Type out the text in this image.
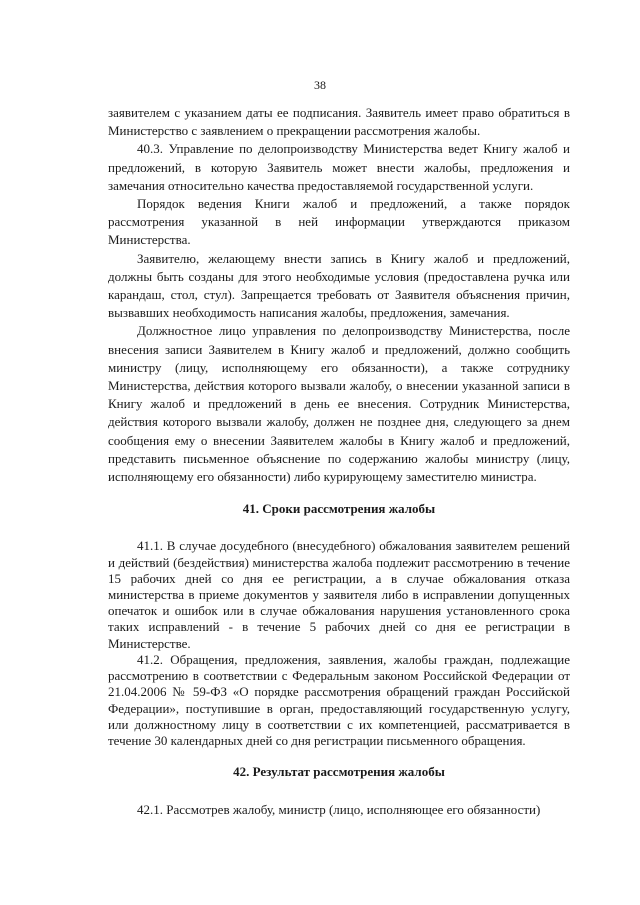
38

заявителем с указанием даты ее подписания. Заявитель имеет право обратиться в Министерство с заявлением о прекращении рассмотрения жалобы.

40.3. Управление по делопроизводству Министерства ведет Книгу жалоб и предложений, в которую Заявитель может внести жалобы, предложения и замечания относительно качества предоставляемой государственной услуги.

Порядок ведения Книги жалоб и предложений, а также порядок рассмотрения указанной в ней информации утверждаются приказом Министерства.

Заявителю, желающему внести запись в Книгу жалоб и предложений, должны быть созданы для этого необходимые условия (предоставлена ручка или карандаш, стол, стул). Запрещается требовать от Заявителя объяснения причин, вызвавших необходимость написания жалобы, предложения, замечания.

Должностное лицо управления по делопроизводству Министерства, после внесения записи Заявителем в Книгу жалоб и предложений, должно сообщить министру (лицу, исполняющему его обязанности), а также сотруднику Министерства, действия которого вызвали жалобу, о внесении указанной записи в Книгу жалоб и предложений в день ее внесения. Сотрудник Министерства, действия которого вызвали жалобу, должен не позднее дня, следующего за днем сообщения ему о внесении Заявителем жалобы в Книгу жалоб и предложений, представить письменное объяснение по содержанию жалобы министру (лицу, исполняющему его обязанности) либо курирующему заместителю министра.

41. Сроки рассмотрения жалобы

41.1. В случае досудебного (внесудебного) обжалования заявителем решений и действий (бездействия) министерства жалоба подлежит рассмотрению в течение 15 рабочих дней со дня ее регистрации, а в случае обжалования отказа министерства в приеме документов у заявителя либо в исправлении допущенных опечаток и ошибок или в случае обжалования нарушения установленного срока таких исправлений - в течение 5 рабочих дней со дня ее регистрации в Министерстве.

41.2. Обращения, предложения, заявления, жалобы граждан, подлежащие рассмотрению в соответствии с Федеральным законом Российской Федерации от 21.04.2006 № 59-ФЗ «О порядке рассмотрения обращений граждан Российской Федерации», поступившие в орган, предоставляющий государственную услугу, или должностному лицу в соответствии с их компетенцией, рассматривается в течение 30 календарных дней со дня регистрации письменного обращения.

42. Результат рассмотрения жалобы

42.1. Рассмотрев жалобу, министр (лицо, исполняющее его обязанности)
